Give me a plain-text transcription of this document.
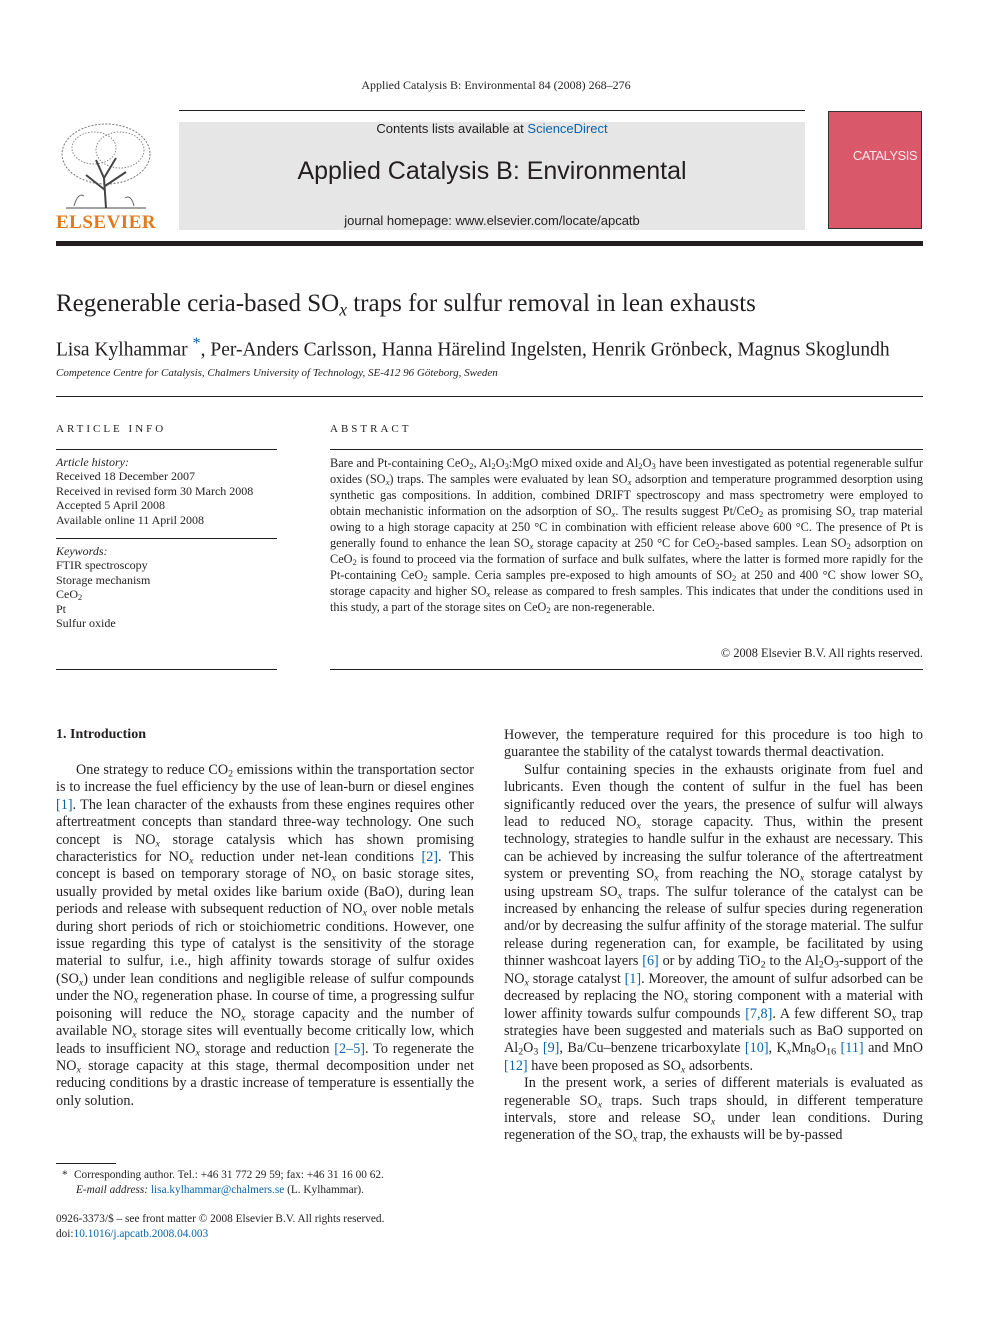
Applied Catalysis B: Environmental 84 (2008) 268–276
ELSEVIER
Contents lists available at ScienceDirect
Applied Catalysis B: Environmental
journal homepage: www.elsevier.com/locate/apcatb
CATALYSIS
Regenerable ceria-based $SO_x$ traps for sulfur removal in lean exhausts
Lisa Kylhammar *, Per-Anders Carlsson, Hanna Härelind Ingelsten, Henrik Grönbeck, Magnus Skoglundh
Competence Centre for Catalysis, Chalmers University of Technology, SE-412 96 Göteborg, Sweden
ARTICLE INFO
Article history:
Received 18 December 2007
Received in revised form 30 March 2008
Accepted 5 April 2008
Available online 11 April 2008
Keywords:
FTIR spectroscopy
Storage mechanism
CeO$_2$
Pt
Sulfur oxide
ABSTRACT
Bare and Pt-containing CeO$_2$, $Al_2O_3:MgO$ mixed oxide and $Al_2O_3$ have been investigated as potential regenerable sulfur oxides $(SO_x)$ traps. The samples were evaluated by lean $SO_x$ adsorption and temperature programmed desorption using synthetic gas compositions. In addition, combined DRIFT spectroscopy and mass spectrometry were employed to obtain mechanistic information on the adsorption of $SO_x$. The results suggest Pt/CeO$_2$ as promising $SO_x$ trap material owing to a high storage capacity at 250 °C in combination with efficient release above 600 °C. The presence of Pt is generally found to enhance the lean $SO_x$ storage capacity at 250 °C for CeO$_2$-based samples. Lean $SO_2$ adsorption on CeO$_2$ is found to proceed via the formation of surface and bulk sulfates, where the latter is formed more rapidly for the Pt-containing CeO$_2$ sample. Ceria samples pre-exposed to high amounts of $SO_2$ at 250 and 400 °C show lower $SO_x$ storage capacity and higher $SO_x$ release as compared to fresh samples. This indicates that under the conditions used in this study, a part of the storage sites on CeO$_2$ are non-regenerable.
© 2008 Elsevier B.V. All rights reserved.
1. Introduction

One strategy to reduce $CO_2$ emissions within the transportation sector is to increase the fuel efficiency by the use of lean-burn or diesel engines [1]. The lean character of the exhausts from these engines requires other aftertreatment concepts than standard three-way technology. One such concept is $NO_x$ storage catalysis which has shown promising characteristics for $NO_x$ reduction under net-lean conditions [2]. This concept is based on temporary storage of $NO_x$ on basic storage sites, usually provided by metal oxides like barium oxide (BaO), during lean periods and release with subsequent reduction of $NO_x$ over noble metals during short periods of rich or stoichiometric conditions. However, one issue regarding this type of catalyst is the sensitivity of the storage material to sulfur, i.e., high affinity towards storage of sulfur oxides $(SO_x)$ under lean conditions and negligible release of sulfur compounds under the $NO_x$ regeneration phase. In course of time, a progressing sulfur poisoning will reduce the $NO_x$ storage capacity and the number of available $NO_x$ storage sites will eventually become critically low, which leads to insufficient $NO_x$ storage and reduction [2–5]. To regenerate the $NO_x$ storage capacity at this stage, thermal decomposition under net reducing conditions by a drastic increase of temperature is essentially the only solution.

However, the temperature required for this procedure is too high to guarantee the stability of the catalyst towards thermal deactivation.

Sulfur containing species in the exhausts originate from fuel and lubricants. Even though the content of sulfur in the fuel has been significantly reduced over the years, the presence of sulfur will always lead to reduced $NO_x$ storage capacity. Thus, within the present technology, strategies to handle sulfur in the exhaust are necessary. This can be achieved by increasing the sulfur tolerance of the aftertreatment system or preventing $SO_x$ from reaching the $NO_x$ storage catalyst by using upstream $SO_x$ traps. The sulfur tolerance of the catalyst can be increased by enhancing the release of sulfur species during regeneration and/or by decreasing the sulfur affinity of the storage material. The sulfur release during regeneration can, for example, be facilitated by using thinner washcoat layers [6] or by adding TiO$_2$ to the $Al_2O_3$-support of the $NO_x$ storage catalyst [1]. Moreover, the amount of sulfur adsorbed can be decreased by replacing the $NO_x$ storing component with a material with lower affinity towards sulfur compounds [7,8]. A few different $SO_x$ trap strategies have been suggested and materials such as BaO supported on $Al_2O_3$ [9], Ba/Cu–benzene tricarboxylate [10], $K_xMn_8O_{16}$ [11] and MnO [12] have been proposed as $SO_x$ adsorbents.

In the present work, a series of different materials is evaluated as regenerable $SO_x$ traps. Such traps should, in different temperature intervals, store and release $SO_x$ under lean conditions. During regeneration of the $SO_x$ trap, the exhausts will be by-passed

* Corresponding author. Tel.: +46 31 772 29 59; fax: +46 31 16 00 62.
E-mail address: lisa.kylhammar@chalmers.se (L. Kylhammar).
0926-3373/$ – see front matter © 2008 Elsevier B.V. All rights reserved.
doi:10.1016/j.apcatb.2008.04.003
